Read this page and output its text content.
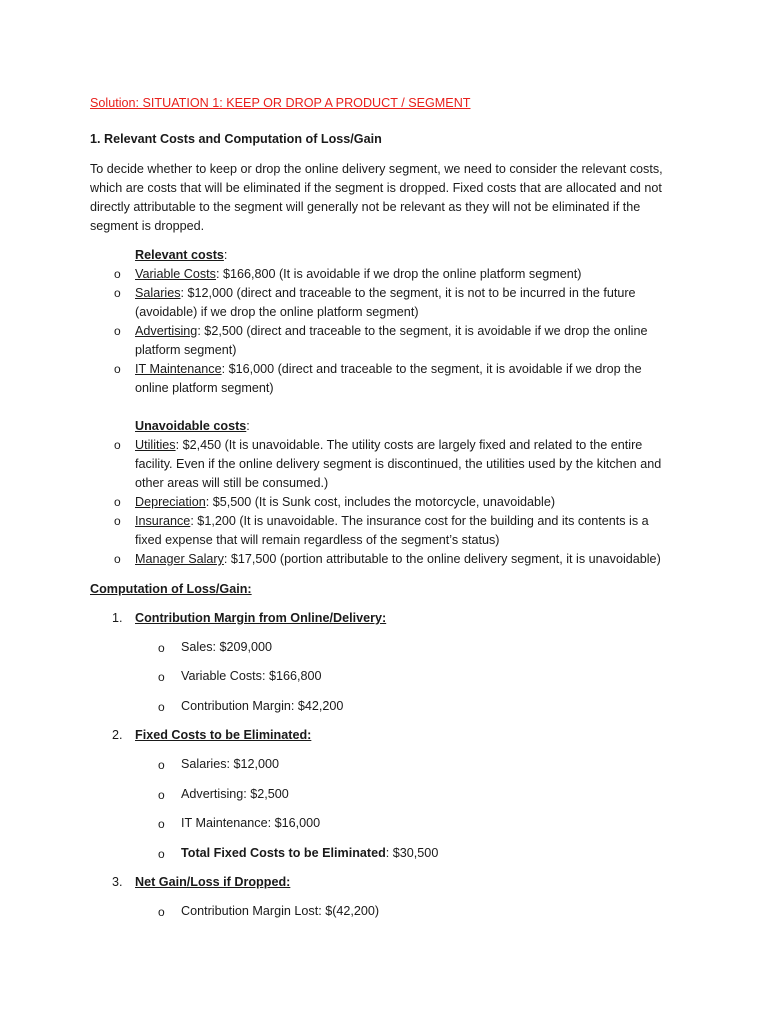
Solution: SITUATION 1: KEEP OR DROP A PRODUCT / SEGMENT
1. Relevant Costs and Computation of Loss/Gain
To decide whether to keep or drop the online delivery segment, we need to consider the relevant costs,
which are costs that will be eliminated if the segment is dropped. Fixed costs that are allocated and not
directly attributable to the segment will generally not be relevant as they will not be eliminated if the
segment is dropped.
Relevant costs:
o Variable Costs: $166,800 (It is avoidable if we drop the online platform segment)
o Salaries: $12,000 (direct and traceable to the segment, it is not to be incurred in the future
(avoidable) if we drop the online platform segment)
o Advertising: $2,500 (direct and traceable to the segment, it is avoidable if we drop the online
platform segment)
o IT Maintenance: $16,000 (direct and traceable to the segment, it is avoidable if we drop the
online platform segment)
Unavoidable costs:
o Utilities: $2,450 (It is unavoidable. The utility costs are largely fixed and related to the entire
facility. Even if the online delivery segment is discontinued, the utilities used by the kitchen and
other areas will still be consumed.)
o Depreciation: $5,500 (It is Sunk cost, includes the motorcycle, unavoidable)
o Insurance: $1,200 (It is unavoidable. The insurance cost for the building and its contents is a
fixed expense that will remain regardless of the segment’s status)
o Manager Salary: $17,500 (portion attributable to the online delivery segment, it is unavoidable)
Computation of Loss/Gain:
1. Contribution Margin from Online/Delivery:
o Sales: $209,000
o Variable Costs: $166,800
o Contribution Margin: $42,200
2. Fixed Costs to be Eliminated:
o Salaries: $12,000
o Advertising: $2,500
o IT Maintenance: $16,000
o Total Fixed Costs to be Eliminated: $30,500
3. Net Gain/Loss if Dropped:
o Contribution Margin Lost: $(42,200)
